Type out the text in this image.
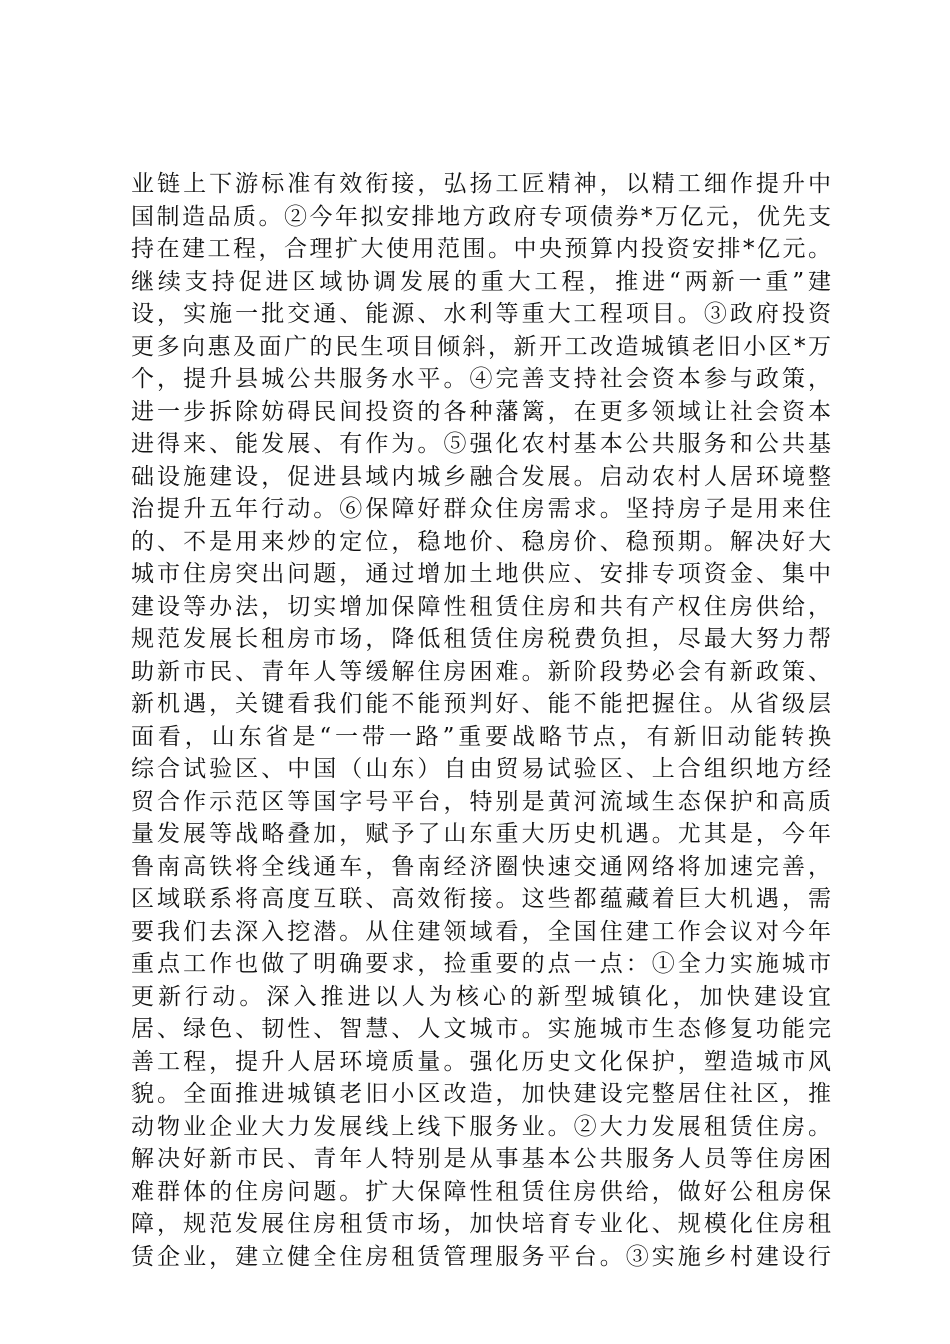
业链上下游标准有效衔接，弘扬工匠精神，以精工细作提升中
国制造品质。②今年拟安排地方政府专项债券*万亿元，优先支
持在建工程，合理扩大使用范围。中央预算内投资安排*亿元。
继续支持促进区域协调发展的重大工程，推进“两新一重”建
设，实施一批交通、能源、水利等重大工程项目。③政府投资
更多向惠及面广的民生项目倾斜，新开工改造城镇老旧小区*万
个，提升县城公共服务水平。④完善支持社会资本参与政策，
进一步拆除妨碍民间投资的各种藩篱，在更多领域让社会资本
进得来、能发展、有作为。⑤强化农村基本公共服务和公共基
础设施建设，促进县域内城乡融合发展。启动农村人居环境整
治提升五年行动。⑥保障好群众住房需求。坚持房子是用来住
的、不是用来炒的定位，稳地价、稳房价、稳预期。解决好大
城市住房突出问题，通过增加土地供应、安排专项资金、集中
建设等办法，切实增加保障性租赁住房和共有产权住房供给，
规范发展长租房市场，降低租赁住房税费负担，尽最大努力帮
助新市民、青年人等缓解住房困难。新阶段势必会有新政策、
新机遇，关键看我们能不能预判好、能不能把握住。从省级层
面看，山东省是“一带一路”重要战略节点，有新旧动能转换
综合试验区、中国（山东）自由贸易试验区、上合组织地方经
贸合作示范区等国字号平台，特别是黄河流域生态保护和高质
量发展等战略叠加，赋予了山东重大历史机遇。尤其是，今年
鲁南高铁将全线通车，鲁南经济圈快速交通网络将加速完善，
区域联系将高度互联、高效衔接。这些都蕴藏着巨大机遇，需
要我们去深入挖潜。从住建领域看，全国住建工作会议对今年
重点工作也做了明确要求，捡重要的点一点：①全力实施城市
更新行动。深入推进以人为核心的新型城镇化，加快建设宜
居、绿色、韧性、智慧、人文城市。实施城市生态修复功能完
善工程，提升人居环境质量。强化历史文化保护，塑造城市风
貌。全面推进城镇老旧小区改造，加快建设完整居住社区，推
动物业企业大力发展线上线下服务业。②大力发展租赁住房。
解决好新市民、青年人特别是从事基本公共服务人员等住房困
难群体的住房问题。扩大保障性租赁住房供给，做好公租房保
障，规范发展住房租赁市场，加快培育专业化、规模化住房租
赁企业，建立健全住房租赁管理服务平台。③实施乡村建设行
